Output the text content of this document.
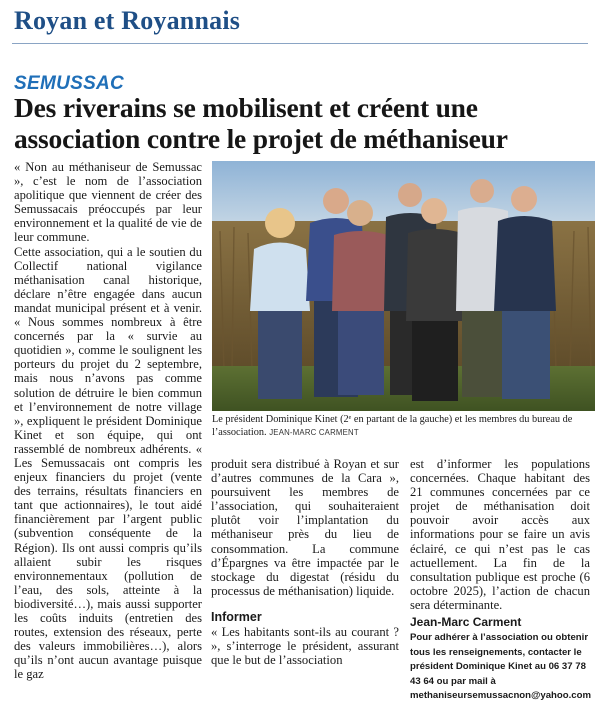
Royan et Royannais
SEMUSSAC
Des riverains se mobilisent et créent une association contre le projet de méthaniseur

« Non au méthaniseur de Semussac », c’est le nom de l’association apolitique que viennent de créer des Semussacais préoccupés par leur environnement et la qualité de vie de leur commune.

Cette association, qui a le soutien du Collectif national vigilance méthanisation canal historique, déclare n’être engagée dans aucun mandat municipal présent et à venir. « Nous sommes nombreux à être concernés par la « survie au quotidien », comme le soulignent les porteurs du projet du 2 septembre, mais nous n’avons pas comme solution de détruire le bien commun et l’environnement de notre village », expliquent le président Dominique Kinet et son équipe, qui ont rassemblé de nombreux adhérents. « Les Semussacais ont compris les enjeux financiers du projet (vente des terrains, résultats financiers en tant que actionnaires), le tout aidé financièrement par l’argent public (subvention conséquente de la Région). Ils ont aussi compris qu’ils allaient subir les risques environnementaux (pollution de l’eau, des sols, atteinte à la biodiversité…), mais aussi supporter les coûts induits (entretien des routes, extension des réseaux, perte des valeurs immobilières…), alors qu’ils n’ont aucun avantage puisque le gaz

Le président Dominique Kinet (2ᵉ en partant de la gauche) et les membres du bureau de l’association. JEAN-MARC CARMENT

produit sera distribué à Royan et sur d’autres communes de la Cara », poursuivent les membres de l’association, qui souhaiteraient plutôt voir l’implantation du méthaniseur près du lieu de consommation. La commune d’Épargnes va être impactée par le stockage du digestat (résidu du processus de méthanisation) liquide.

Informer

« Les habitants sont-ils au courant ? », s’interroge le président, assurant que le but de l’association

est d’informer les populations concernées. Chaque habitant des 21 communes concernées par ce projet de méthanisation doit pouvoir avoir accès aux informations pour se faire un avis éclairé, ce qui n’est pas le cas actuellement. La fin de la consultation publique est proche (6 octobre 2025), l’action de chacun sera déterminante.

Jean-Marc Carment
Pour adhérer à l’association ou obtenir tous les renseignements, contacter le président Dominique Kinet au 06 37 78 43 64 ou par mail à methaniseursemussacnon@yahoo.com
